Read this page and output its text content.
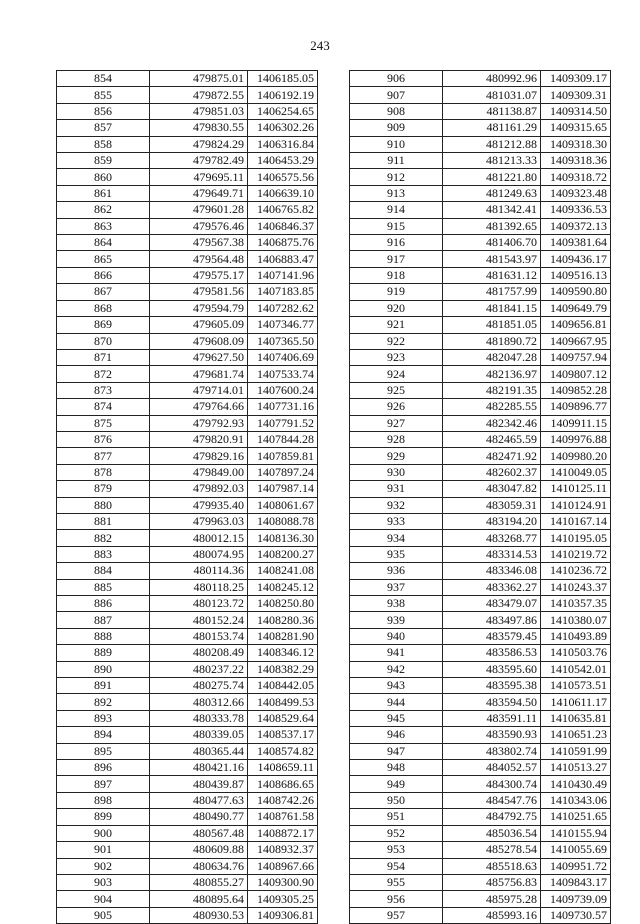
243
854	479875.01	1406185.05
855	479872.55	1406192.19
856	479851.03	1406254.65
857	479830.55	1406302.26
858	479824.29	1406316.84
859	479782.49	1406453.29
860	479695.11	1406575.56
861	479649.71	1406639.10
862	479601.28	1406765.82
863	479576.46	1406846.37
864	479567.38	1406875.76
865	479564.48	1406883.47
866	479575.17	1407141.96
867	479581.56	1407183.85
868	479594.79	1407282.62
869	479605.09	1407346.77
870	479608.09	1407365.50
871	479627.50	1407406.69
872	479681.74	1407533.74
873	479714.01	1407600.24
874	479764.66	1407731.16
875	479792.93	1407791.52
876	479820.91	1407844.28
877	479829.16	1407859.81
878	479849.00	1407897.24
879	479892.03	1407987.14
880	479935.40	1408061.67
881	479963.03	1408088.78
882	480012.15	1408136.30
883	480074.95	1408200.27
884	480114.36	1408241.08
885	480118.25	1408245.12
886	480123.72	1408250.80
887	480152.24	1408280.36
888	480153.74	1408281.90
889	480208.49	1408346.12
890	480237.22	1408382.29
891	480275.74	1408442.05
892	480312.66	1408499.53
893	480333.78	1408529.64
894	480339.05	1408537.17
895	480365.44	1408574.82
896	480421.16	1408659.11
897	480439.87	1408686.65
898	480477.63	1408742.26
899	480490.77	1408761.58
900	480567.48	1408872.17
901	480609.88	1408932.37
902	480634.76	1408967.66
903	480855.27	1409300.90
904	480895.64	1409305.25
905	480930.53	1409306.81
906	480992.96	1409309.17
907	481031.07	1409309.31
908	481138.87	1409314.50
909	481161.29	1409315.65
910	481212.88	1409318.30
911	481213.33	1409318.36
912	481221.80	1409318.72
913	481249.63	1409323.48
914	481342.41	1409336.53
915	481392.65	1409372.13
916	481406.70	1409381.64
917	481543.97	1409436.17
918	481631.12	1409516.13
919	481757.99	1409590.80
920	481841.15	1409649.79
921	481851.05	1409656.81
922	481890.72	1409667.95
923	482047.28	1409757.94
924	482136.97	1409807.12
925	482191.35	1409852.28
926	482285.55	1409896.77
927	482342.46	1409911.15
928	482465.59	1409976.88
929	482471.92	1409980.20
930	482602.37	1410049.05
931	483047.82	1410125.11
932	483059.31	1410124.91
933	483194.20	1410167.14
934	483268.77	1410195.05
935	483314.53	1410219.72
936	483346.08	1410236.72
937	483362.27	1410243.37
938	483479.07	1410357.35
939	483497.86	1410380.07
940	483579.45	1410493.89
941	483586.53	1410503.76
942	483595.60	1410542.01
943	483595.38	1410573.51
944	483594.50	1410611.17
945	483591.11	1410635.81
946	483590.93	1410651.23
947	483802.74	1410591.99
948	484052.57	1410513.27
949	484300.74	1410430.49
950	484547.76	1410343.06
951	484792.75	1410251.65
952	485036.54	1410155.94
953	485278.54	1410055.69
954	485518.63	1409951.72
955	485756.83	1409843.17
956	485975.28	1409739.09
957	485993.16	1409730.57
